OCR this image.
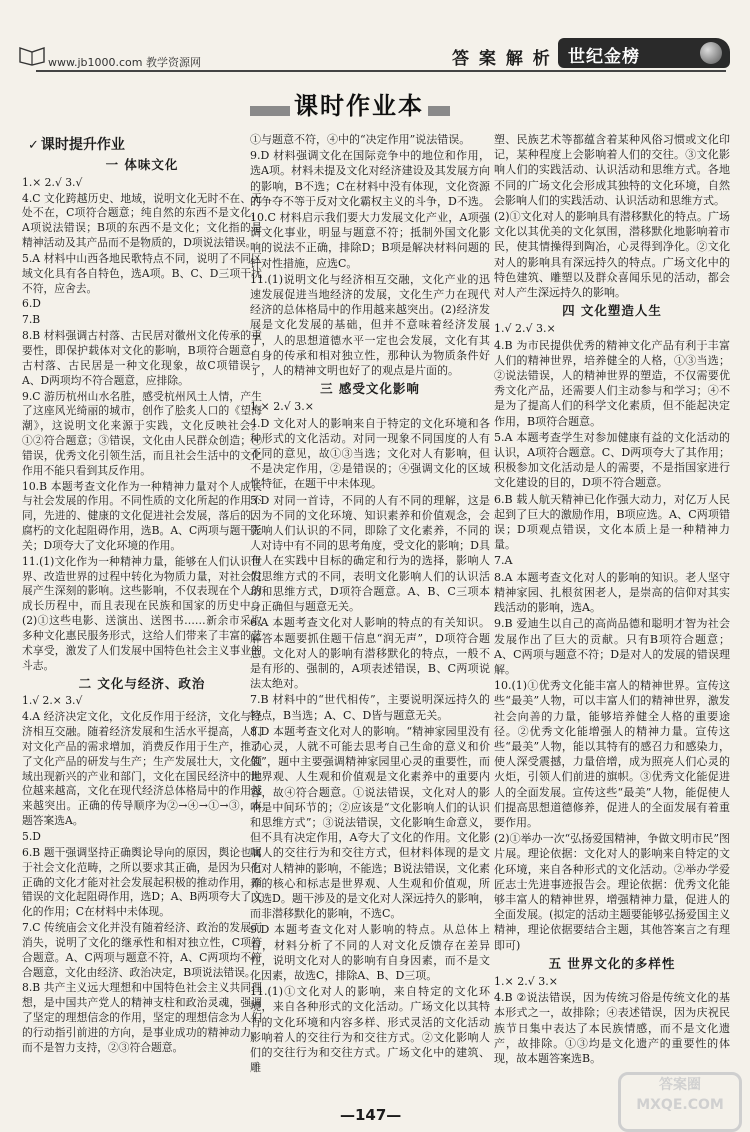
www.jb1000.com 教学资源网	答 案 解 析 世纪金榜
课时作业本
✓ 课时提升作业
一 体味文化

1.× 2.√ 3.√

4.C 文化跨越历史、地域，说明文化无时不在、无处不在，C项符合题意；纯自然的东西不是文化，A项说法错误；B项的东西不是文化；文化指的是精神活动及其产品而不是物质的，D项说法错误。

5.A 材料中山西各地民歌特点不同，说明了不同区域文化具有各自特色，选A项。B、C、D三项干扰不符，应舍去。

6.D

7.B

8.B 材料强调古村落、古民居对徽州文化传承的重要性，即保护载体对文化的影响，B项符合题意。古村落、古民居是一种文化现象，故C项错误；A、D两项均不符合题意，应排除。

9.C 游历杭州山水名胜，感受杭州风土人情，产生了这座风光绮丽的城市，创作了脍炙人口的《望海潮》，这说明文化来源于实践，文化反映社会。①②符合题意；③错误，文化由人民群众创造；④错误，优秀文化引领生活，而且社会生活中的文化作用不能只看到其反作用。

10.B 本题考查文化作为一种精神力量对个人成长与社会发展的作用。不同性质的文化所起的作用不同，先进的、健康的文化促进社会发展，落后的、腐朽的文化起阻碍作用，选B。A、C两项与题干无关；D项夸大了文化环境的作用。

11.(1)文化作为一种精神力量，能够在人们认识世界、改造世界的过程中转化为物质力量，对社会发展产生深刻的影响。这些影响，不仅表现在个人的成长历程中，而且表现在民族和国家的历史中。(2)①这些电影、送演出、送图书……新余市采取多种文化惠民服务形式，这给人们带来了丰富的艺术享受，激发了人们发展中国特色社会主义事业的斗志。

二 文化与经济、政治

1.√ 2.× 3.√

4.A 经济决定文化，文化反作用于经济，文化与经济相互交融。随着经济发展和生活水平提高，人们对文化产品的需求增加，消费反作用于生产，推动了文化产品的研发与生产；生产发展壮大，文化领域出现新兴的产业和部门，文化在国民经济中的地位越来越高，文化在现代经济总体格局中的作用越来越突出。正确的传导顺序为②→④→①→③，本题答案选A。

5.D

6.B 题干强调坚持正确舆论导向的原因，舆论也属于社会文化范畴，之所以要求其正确，是因为只有正确的文化才能对社会发展起积极的推动作用，而错误的文化起阻碍作用，选D；A、B两项夸大了文化的作用；C在材料中未体现。

7.C 传统庙会文化并没有随着经济、政治的发展而消失，说明了文化的继承性和相对独立性，C项符合题意。A、C两项与题意不符，A、C两项均不符合题意，文化由经济、政治决定，B项说法错误。

8.B 共产主义远大理想和中国特色社会主义共同理想，是中国共产党人的精神支柱和政治灵魂，强调了坚定的理想信念的作用，坚定的理想信念为人们的行动指引前进的方向，是事业成功的精神动力，而不是智力支持，②③符合题意。

①与题意不符，④中的“决定作用”说法错误。

9.D 材料强调文化在国际竞争中的地位和作用，选A项。材料未提及文化对经济建设及其发展方向的影响，B不选；C在材料中没有体现，文化资源的争夺不等于反对文化霸权主义的斗争，D不选。

10.C 材料启示我们要大力发展文化产业，A项强调文化事业，明显与题意不符；抵制外国文化影响的说法不正确，排除D；B项是解决材料问题的针对性措施，应选C。

11.(1)说明文化与经济相互交融，文化产业的迅速发展促进当地经济的发展，文化生产力在现代经济的总体格局中的作用越来越突出。(2)经济发展是文化发展的基础，但并不意味着经济发展了，人的思想道德水平一定也会发展，文化有其自身的传承和相对独立性，那种认为物质条件好了，人的精神文明也好了的观点是片面的。

三 感受文化影响

1.× 2.√ 3.×

4.D 文化对人的影响来自于特定的文化环境和各种形式的文化活动。对同一现象不同国度的人有不同的意见，故①③当选；文化对人有影响，但不是决定作用，②是错误的；④强调文化的区域性特征，在题干中未体现。

5.D 对同一首诗，不同的人有不同的理解，这是因为不同的文化环境、知识素养和价值观念，会影响人们认识的不同，即除了文化素养，不同的人对诗中有不同的思考角度，受文化的影响；D具有人在实践中目标的确定和行为的选择，影响人们思维方式的不同，表明文化影响人们的认识活动和思维方式，D项符合题意。A、B、C三项本身正确但与题意无关。

6.A 本题考查文化对人影响的特点的有关知识。解答本题要抓住题干信息“润无声”，D项符合题意。文化对人的影响有潜移默化的特点，一般不是有形的、强制的，A项表述错误，B、C两项说法太绝对。

7.B 材料中的“世代相传”，主要说明深远持久的特点，B当选；A、C、D皆与题意无关。

8.D 本题考查文化对人的影响。“精神家园里没有了心灵，人就不可能去思考自己生命的意义和价值”，题中主要强调精神家园里心灵的重要性，而世界观、人生观和价值观是文化素养中的重要内容，故④符合题意。①说法错误，文化对人的影响是中间环节的；②应该是“文化影响人们的认识和思维方式”；③说法错误，文化影响生命意义，但不具有决定作用，A夸大了文化的作用。文化影响人的交往行为和交往方式，但材料体现的是文化对人精神的影响，不能选；B说法错误，文化素养的核心和标志是世界观、人生观和价值观，所以选D。题干涉及的是文化对人深远持久的影响，而非潜移默化的影响，不选C。

9.D 本题考查文化对人影响的特点。从总体上看，材料分析了不同的人对文化反馈存在差异性，说明文化对人的影响有自身因素，而不是文化因素，故选C，排除A、B、D三项。

11.(1)①文化对人的影响，来自特定的文化环境，来自各种形式的文化活动。广场文化以其特有的文化环境和内容多样、形式灵活的文化活动影响着人的交往行为和交往方式。②文化影响人们的交往行为和交往方式。广场文化中的建筑、雕

塑、民族艺术等都蕴含着某种风俗习惯或文化印记，某种程度上会影响着人们的交往。③文化影响人们的实践活动、认识活动和思维方式。各地不同的广场文化会形成其独特的文化环境，自然会影响人们的实践活动、认识活动和思维方式。

(2)①文化对人的影响具有潜移默化的特点。广场文化以其优美的文化氛围，潜移默化地影响着市民，使其情操得到陶冶，心灵得到净化。②文化对人的影响具有深远持久的特点。广场文化中的特色建筑、雕塑以及群众喜闻乐见的活动，都会对人产生深远持久的影响。

四 文化塑造人生

1.√ 2.√ 3.×

4.B 为市民提供优秀的精神文化产品有利于丰富人们的精神世界，培养健全的人格，①③当选；②说法错误，人的精神世界的塑造，不仅需要优秀文化产品，还需要人们主动参与和学习；④不是为了提高人们的科学文化素质，但不能起决定作用，B项符合题意。

5.A 本题考查学生对参加健康有益的文化活动的认识，A项符合题意。C、D两项夸大了其作用；积极参加文化活动是人的需要，不是指国家进行文化建设的目的，D项不符合题意。

6.B 载人航天精神已化作强大动力，对亿万人民起到了巨大的激励作用，B项应选。A、C两项错误；D项观点错误，文化本质上是一种精神力量。

7.A

8.A 本题考查文化对人的影响的知识。老人坚守精神家园、扎根贫困老人，是崇高的信仰对其实践活动的影响，选A。

9.B 爱迪生以自己的高尚品德和聪明才智为社会发展作出了巨大的贡献。只有B项符合题意；A、C两项与题意不符；D是对人的发展的错误理解。

10.(1)①优秀文化能丰富人的精神世界。宣传这些“最美”人物，可以丰富人们的精神世界，激发社会向善的力量，能够培养健全人格的重要途径。②优秀文化能增强人的精神力量。宣传这些“最美”人物，能以其特有的感召力和感染力，使人深受震撼，力量倍增，成为照亮人们心灵的火炬，引领人们前进的旗帜。③优秀文化能促进人的全面发展。宣传这些“最美”人物，能促使人们提高思想道德修养，促进人的全面发展有着重要作用。

(2)①举办一次“弘扬爱国精神，争做文明市民”图片展。理论依据：文化对人的影响来自特定的文化环境，来自各种形式的文化活动。②举办学爱匠志士先进事迹报告会。理论依据：优秀文化能够丰富人的精神世界，增强精神力量，促进人的全面发展。(拟定的活动主题要能够弘扬爱国主义精神，理论依据要结合主题，其他答案言之有理即可)

五 世界文化的多样性

1.× 2.√ 3.×

4.B ②说法错误，因为传统习俗是传统文化的基本形式之一，故排除；④表述错误，因为庆祝民族节日集中表达了本民族情感，而不是文化遗产，故排除。①③均是文化遗产的重要性的体现，故本题答案选B。

—147—
答案圈 MXQE.COM
